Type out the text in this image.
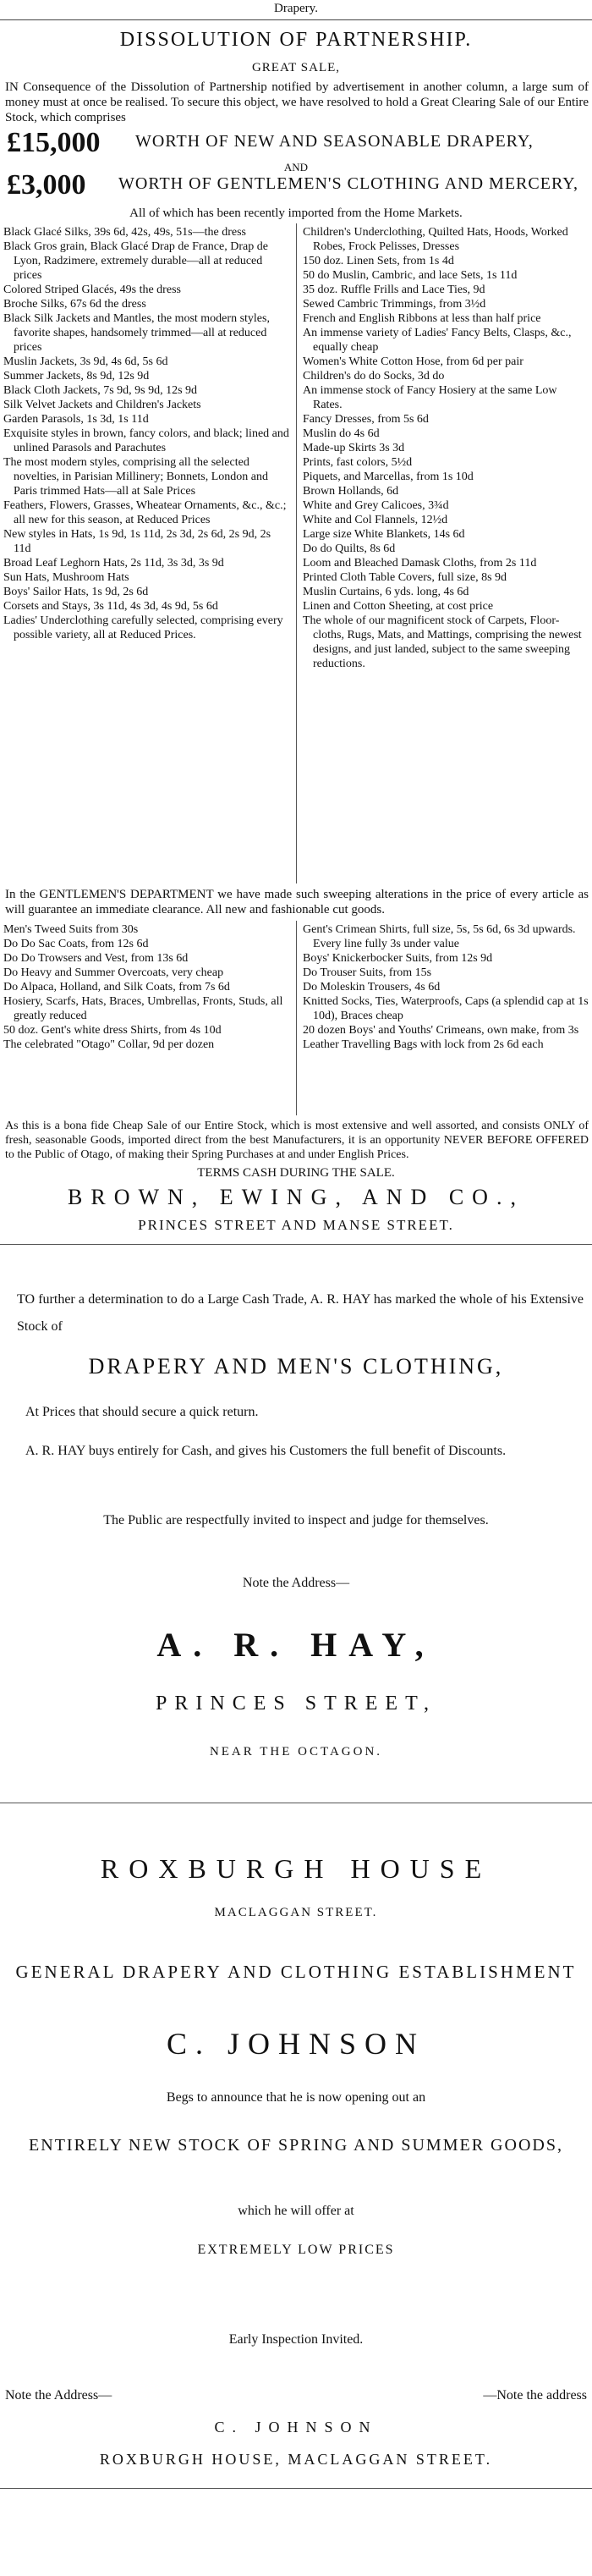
Drapery.
DISSOLUTION OF PARTNERSHIP.
GREAT SALE,
IN Consequence of the Dissolution of Partnership notified by advertisement in another column, a large sum of money must at once be realised. To secure this object, we have resolved to hold a Great Clearing Sale of our Entire Stock, which comprises
£15,000 WORTH OF NEW AND SEASONABLE DRAPERY,
AND
£3,000 WORTH OF GENTLEMEN'S CLOTHING AND MERCERY,
All of which has been recently imported from the Home Markets.
Black Glacé Silks, 39s 6d, 42s, 49s, 51s—the dress
Black Gros grain, Black Glacé Drap de France, Drap de Lyon, Radzimere, extremely durable—all at reduced prices
Colored Striped Glacés, 49s the dress
Broche Silks, 67s 6d the dress
Black Silk Jackets and Mantles, the most modern styles, favorite shapes, handsomely trimmed—all at reduced prices
Muslin Jackets, 3s 9d, 4s 6d, 5s 6d
Summer Jackets, 8s 9d, 12s 9d
Black Cloth Jackets, 7s 9d, 9s 9d, 12s 9d
Silk Velvet Jackets and Children's Jackets
Garden Parasols, 1s 3d, 1s 11d
Exquisite styles in brown, fancy colors, and black; lined and unlined Parasols and Parachutes
The most modern styles, comprising all the selected novelties, in Parisian Millinery; Bonnets, London and Paris trimmed Hats—all at Sale Prices
Feathers, Flowers, Grasses, Wheatear Ornaments, &c., &c.; all new for this season, at Reduced Prices
New styles in Hats, 1s 9d, 1s 11d, 2s 3d, 2s 6d, 2s 9d, 2s 11d
Broad Leaf Leghorn Hats, 2s 11d, 3s 3d, 3s 9d
Sun Hats, Mushroom Hats
Boys' Sailor Hats, 1s 9d, 2s 6d
Corsets and Stays, 3s 11d, 4s 3d, 4s 9d, 5s 6d
Ladies' Underclothing carefully selected, comprising every possible variety, all at Reduced Prices.
Children's Underclothing, Quilted Hats, Hoods, Worked Robes, Frock Pelisses, Dresses
150 doz. Linen Sets, from 1s 4d
50 do Muslin, Cambric, and lace Sets, 1s 11d
35 doz. Ruffle Frills and Lace Ties, 9d
Sewed Cambric Trimmings, from 3½d
French and English Ribbons at less than half price
An immense variety of Ladies' Fancy Belts, Clasps, &c., equally cheap
Women's White Cotton Hose, from 6d per pair
Children's do do Socks, 3d do
An immense stock of Fancy Hosiery at the same Low Rates.
Fancy Dresses, from 5s 6d
Muslin do 4s 6d
Made-up Skirts 3s 3d
Prints, fast colors, 5½d
Piquets, and Marcellas, from 1s 10d
Brown Hollands, 6d
White and Grey Calicoes, 3¾d
White and Col Flannels, 12½d
Large size White Blankets, 14s 6d
Do do Quilts, 8s 6d
Loom and Bleached Damask Cloths, from 2s 11d
Printed Cloth Table Covers, full size, 8s 9d
Muslin Curtains, 6 yds. long, 4s 6d
Linen and Cotton Sheeting, at cost price
The whole of our magnificent stock of Carpets, Floor-cloths, Rugs, Mats, and Mattings, comprising the newest designs, and just landed, subject to the same sweeping reductions.
In the GENTLEMEN'S DEPARTMENT we have made such sweeping alterations in the price of every article as will guarantee an immediate clearance. All new and fashionable cut goods.
Men's Tweed Suits from 30s
Do Do Sac Coats, from 12s 6d
Do Do Trowsers and Vest, from 13s 6d
Do Heavy and Summer Overcoats, very cheap
Do Alpaca, Holland, and Silk Coats, from 7s 6d
Hosiery, Scarfs, Hats, Braces, Umbrellas, Fronts, Studs, all greatly reduced
50 doz. Gent's white dress Shirts, from 4s 10d
The celebrated "Otago" Collar, 9d per dozen
Gent's Crimean Shirts, full size, 5s, 5s 6d, 6s 3d upwards. Every line fully 3s under value
Boys' Knickerbocker Suits, from 12s 9d
Do Trouser Suits, from 15s
Do Moleskin Trousers, 4s 6d
Knitted Socks, Ties, Waterproofs, Caps (a splendid cap at 1s 10d), Braces cheap
20 dozen Boys' and Youths' Crimeans, own make, from 3s
Leather Travelling Bags with lock from 2s 6d each
As this is a bona fide Cheap Sale of our Entire Stock, which is most extensive and well assorted, and consists ONLY of fresh, seasonable Goods, imported direct from the best Manufacturers, it is an opportunity NEVER BEFORE OFFERED to the Public of Otago, of making their Spring Purchases at and under English Prices.
TERMS CASH DURING THE SALE.
BROWN, EWING, AND CO.,
PRINCES STREET AND MANSE STREET.
TO further a determination to do a Large Cash Trade, A. R. HAY has marked the whole of his Extensive Stock of
DRAPERY AND MEN'S CLOTHING,
At Prices that should secure a quick return.
A. R. HAY buys entirely for Cash, and gives his Customers the full benefit of Discounts.
The Public are respectfully invited to inspect and judge for themselves.
Note the Address—
A. R. HAY,
PRINCES STREET,
NEAR THE OCTAGON.
ROXBURGH HOUSE
MACLAGGAN STREET.
GENERAL DRAPERY AND CLOTHING ESTABLISHMENT
C. JOHNSON
Begs to announce that he is now opening out an
ENTIRELY NEW STOCK OF SPRING AND SUMMER GOODS,
which he will offer at
EXTREMELY LOW PRICES
Early Inspection Invited.
Note the Address—	—Note the address
C. JOHNSON
ROXBURGH HOUSE, MACLAGGAN STREET.
